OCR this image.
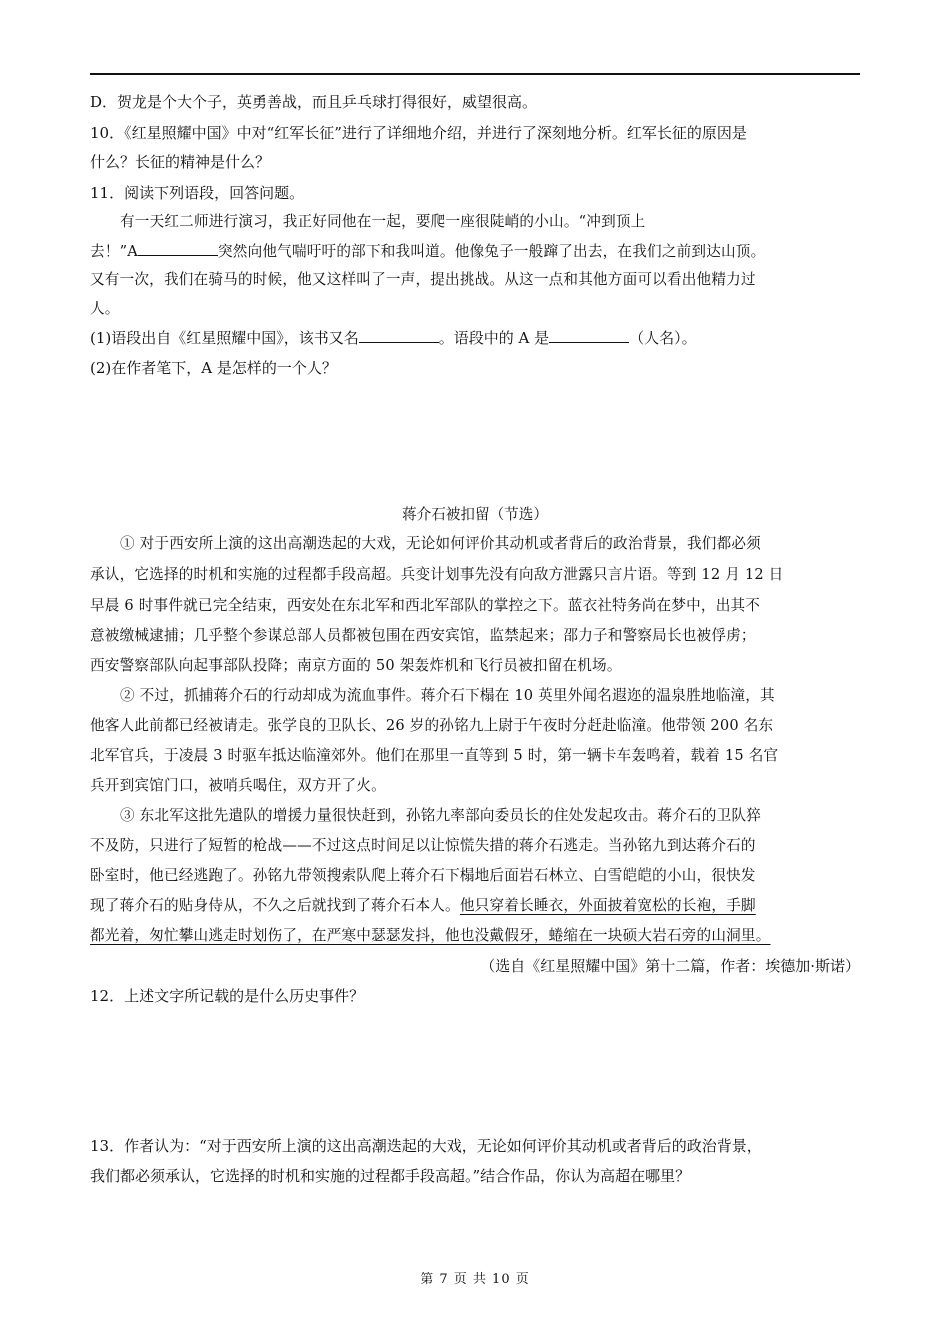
D．贺龙是个大个子，英勇善战，而且乒乓球打得很好，威望很高。
10．《红星照耀中国》中对“红军长征”进行了详细地介绍，并进行了深刻地分析。红军长征的原因是
什么？长征的精神是什么？
11．阅读下列语段，回答问题。
有一天红二师进行演习，我正好同他在一起，要爬一座很陡峭的小山。“冲到顶上
去！”A	突然向他气喘吁吁的部下和我叫道。他像兔子一般蹿了出去，在我们之前到达山顶。
又有一次，我们在骑马的时候，他又这样叫了一声，提出挑战。从这一点和其他方面可以看出他精力过
人。
(1)语段出自《红星照耀中国》，该书又名	。语段中的 A 是	（人名）。
(2)在作者笔下，A 是怎样的一个人？
蒋介石被扣留（节选）
① 对于西安所上演的这出高潮迭起的大戏，无论如何评价其动机或者背后的政治背景，我们都必须
承认，它选择的时机和实施的过程都手段高超。兵变计划事先没有向敌方泄露只言片语。等到 12 月 12 日
早晨 6 时事件就已完全结束，西安处在东北军和西北军部队的掌控之下。蓝衣社特务尚在梦中，出其不
意被缴械逮捕；几乎整个参谋总部人员都被包围在西安宾馆，监禁起来；邵力子和警察局长也被俘虏；
西安警察部队向起事部队投降；南京方面的 50 架轰炸机和飞行员被扣留在机场。
② 不过，抓捕蒋介石的行动却成为流血事件。蒋介石下榻在 10 英里外闻名遐迩的温泉胜地临潼，其
他客人此前都已经被请走。张学良的卫队长、26 岁的孙铭九上尉于午夜时分赶赴临潼。他带领 200 名东
北军官兵，于凌晨 3 时驱车抵达临潼郊外。他们在那里一直等到 5 时，第一辆卡车轰鸣着，载着 15 名官
兵开到宾馆门口，被哨兵喝住，双方开了火。
③ 东北军这批先遣队的增援力量很快赶到，孙铭九率部向委员长的住处发起攻击。蒋介石的卫队猝
不及防，只进行了短暂的枪战——不过这点时间足以让惊慌失措的蒋介石逃走。当孙铭九到达蒋介石的
卧室时，他已经逃跑了。孙铭九带领搜索队爬上蒋介石下榻地后面岩石林立、白雪皑皑的小山，很快发
现了蒋介石的贴身侍从，不久之后就找到了蒋介石本人。他只穿着长睡衣，外面披着宽松的长袍，手脚
都光着，匆忙攀山逃走时划伤了，在严寒中瑟瑟发抖，他也没戴假牙，蜷缩在一块硕大岩石旁的山洞里。
（选自《红星照耀中国》第十二篇，作者：埃德加·斯诺）
12．上述文字所记载的是什么历史事件？
13．作者认为：“对于西安所上演的这出高潮迭起的大戏，无论如何评价其动机或者背后的政治背景，
我们都必须承认，它选择的时机和实施的过程都手段高超。”结合作品，你认为高超在哪里？
第 7 页 共 10 页
